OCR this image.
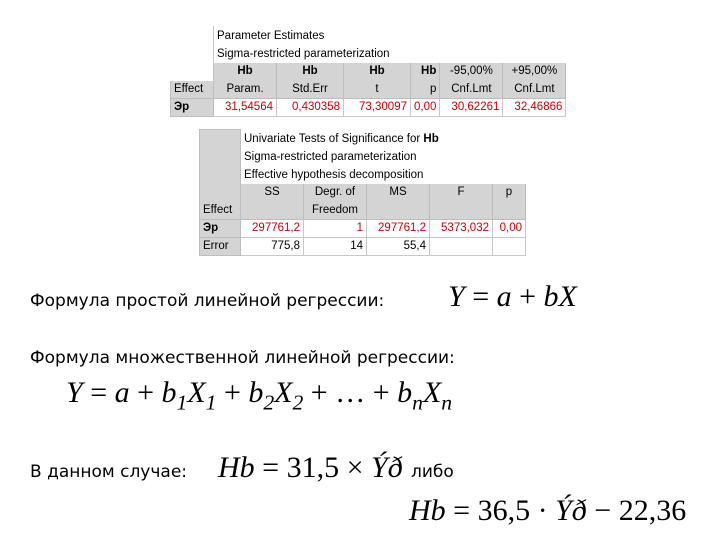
	Parameter Estimates					
	Sigma-restricted parameterization					
	Hb	Hb	Hb	Hb	-95,00%	+95,00%
Effect	Param.	Std.Err	t	p	Cnf.Lmt	Cnf.Lmt
Эр	31,54564	0,430358	73,30097	0,00	30,62261	32,46866
	Univariate Tests of Significance for Hb				
	Sigma-restricted parameterization				
	Effective hypothesis decomposition				
	SS	Degr. of	MS	F	p
Effect		Freedom			
Эр	297761,2	1	297761,2	5373,032	0,00
Error	775,8	14	55,4		
Формула простой линейной регрессии: Y = a + bX
Формула множественной линейной регрессии:
$Y = a + b_1X_1 + b_2X_2$ + … + $b_nX_n$
В данном случае: Hb = 31,5 × Ýð либо
Hb = 36,5 · Ýð − 22,36
